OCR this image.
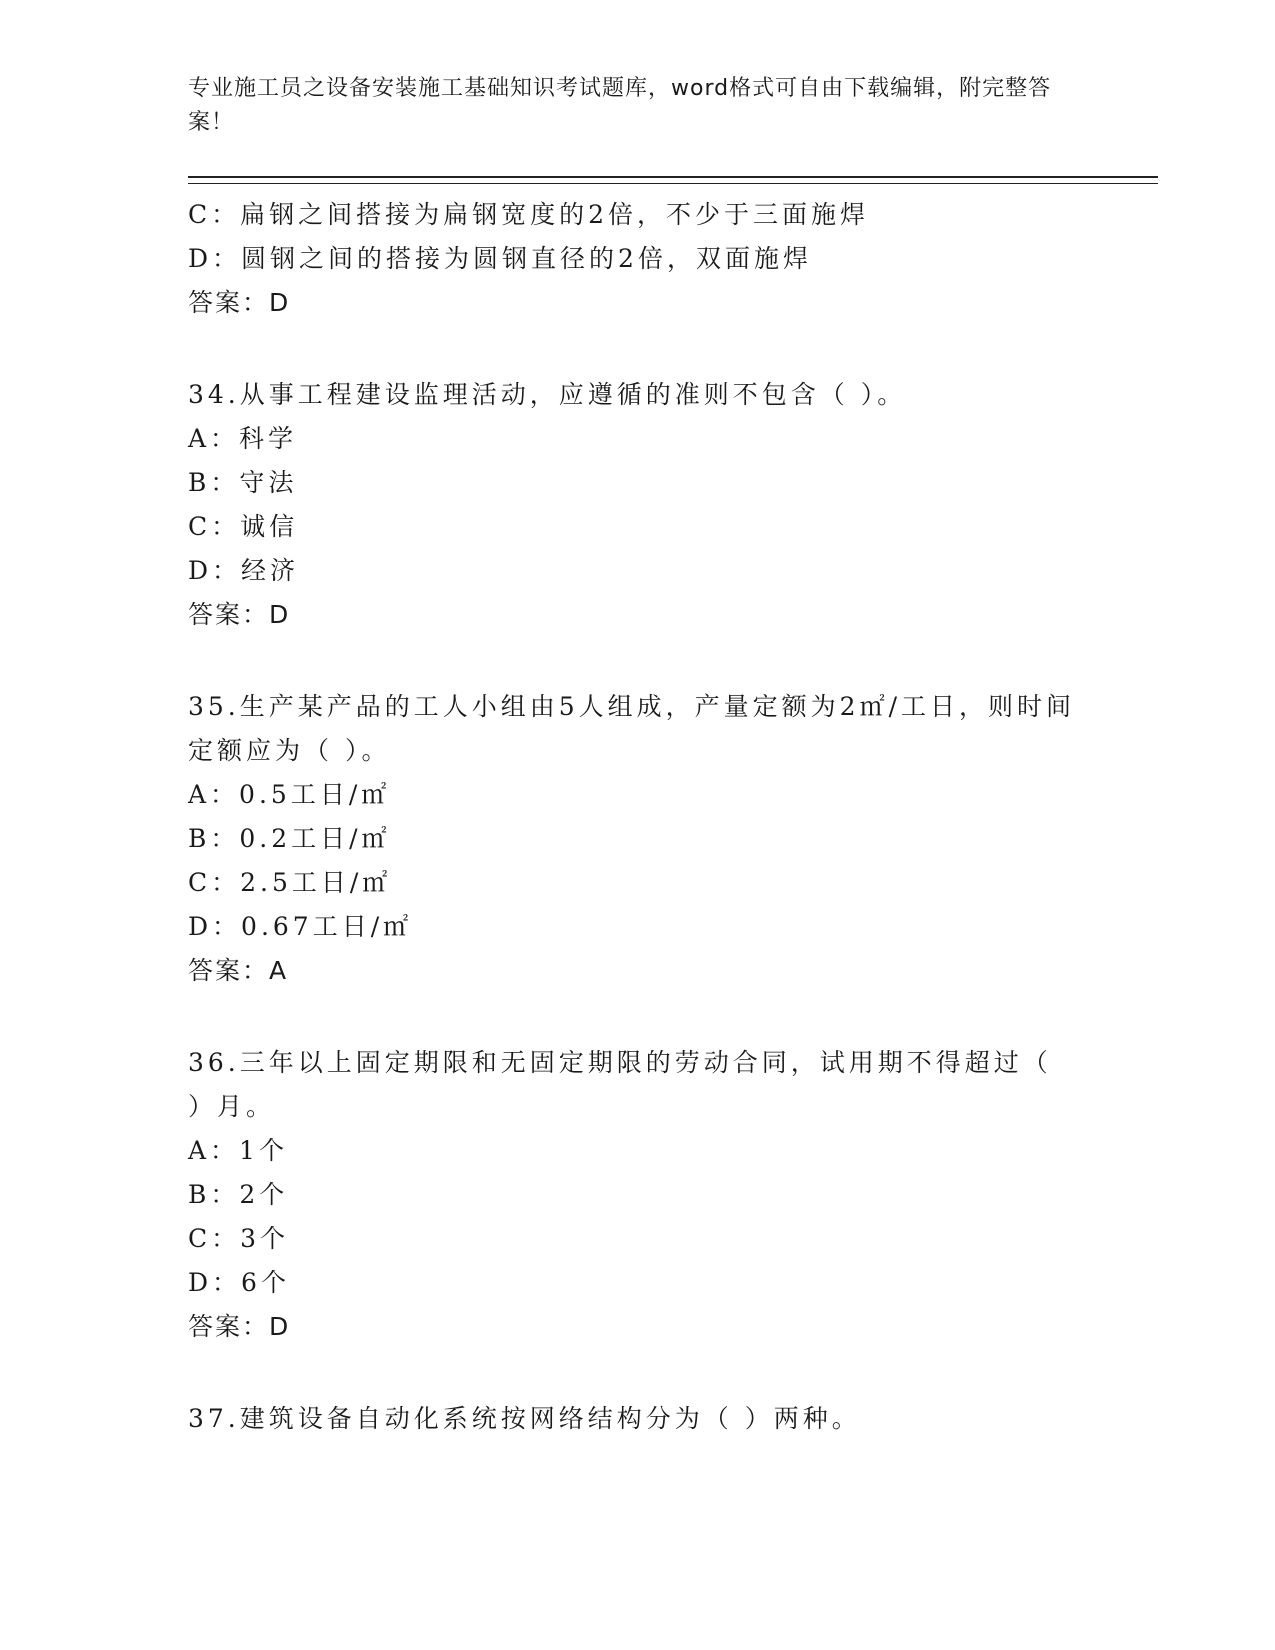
专业施工员之设备安装施工基础知识考试题库，word格式可自由下载编辑，附完整答案！

C：扁钢之间搭接为扁钢宽度的2倍，不少于三面施焊

D：圆钢之间的搭接为圆钢直径的2倍，双面施焊

答案：D

34.从事工程建设监理活动，应遵循的准则不包含（ ）。

A：科学

B：守法

C：诚信

D：经济

答案：D

35.生产某产品的工人小组由5人组成，产量定额为2㎡/工日，则时间

定额应为（ ）。

A：0.5工日/㎡

B：0.2工日/㎡

C：2.5工日/㎡

D：0.67工日/㎡

答案：A

36.三年以上固定期限和无固定期限的劳动合同，试用期不得超过（

）月。

A：1个

B：2个

C：3个

D：6个

答案：D

37.建筑设备自动化系统按网络结构分为（ ）两种。
